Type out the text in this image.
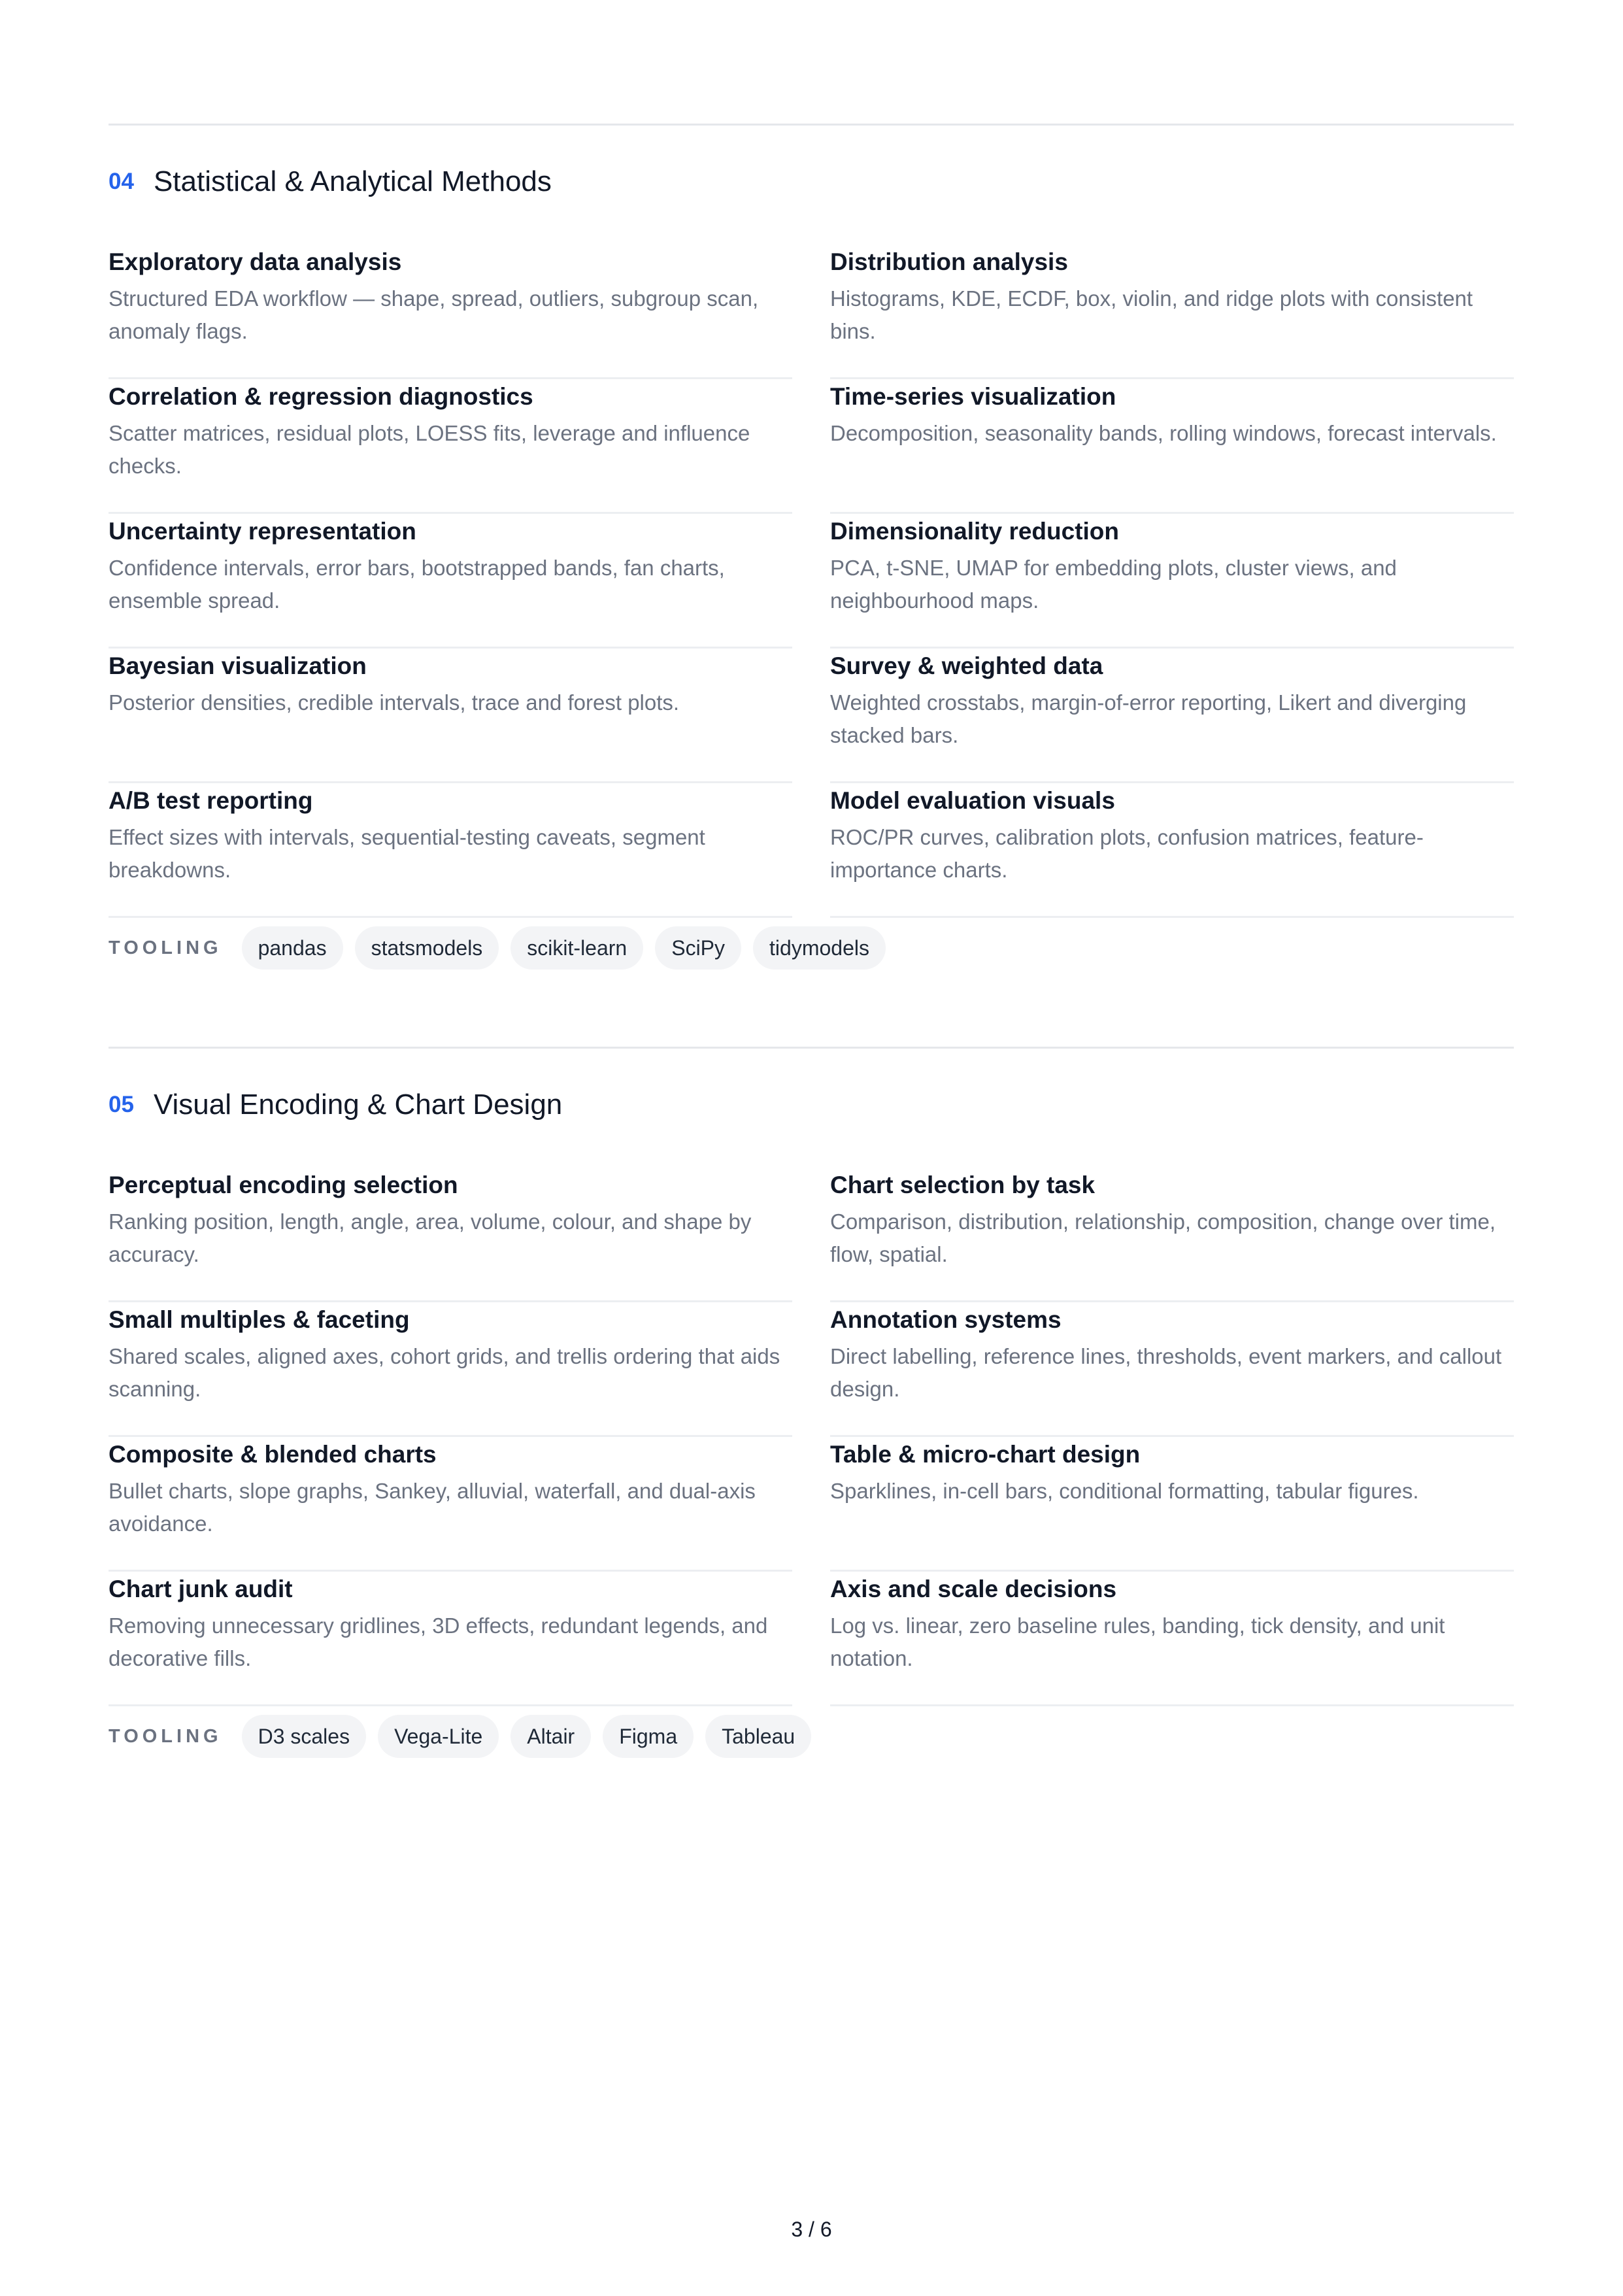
04 Statistical & Analytical Methods
Exploratory data analysis
Structured EDA workflow — shape, spread, outliers, subgroup scan, anomaly flags.
Distribution analysis
Histograms, KDE, ECDF, box, violin, and ridge plots with consistent bins.
Correlation & regression diagnostics
Scatter matrices, residual plots, LOESS fits, leverage and influence checks.
Time-series visualization
Decomposition, seasonality bands, rolling windows, forecast intervals.
Uncertainty representation
Confidence intervals, error bars, bootstrapped bands, fan charts, ensemble spread.
Dimensionality reduction
PCA, t-SNE, UMAP for embedding plots, cluster views, and neighbourhood maps.
Bayesian visualization
Posterior densities, credible intervals, trace and forest plots.
Survey & weighted data
Weighted crosstabs, margin-of-error reporting, Likert and diverging stacked bars.
A/B test reporting
Effect sizes with intervals, sequential-testing caveats, segment breakdowns.
Model evaluation visuals
ROC/PR curves, calibration plots, confusion matrices, feature-importance charts.
TOOLING	pandas	statsmodels	scikit-learn	SciPy	tidymodels
05 Visual Encoding & Chart Design
Perceptual encoding selection
Ranking position, length, angle, area, volume, colour, and shape by accuracy.
Chart selection by task
Comparison, distribution, relationship, composition, change over time, flow, spatial.
Small multiples & faceting
Shared scales, aligned axes, cohort grids, and trellis ordering that aids scanning.
Annotation systems
Direct labelling, reference lines, thresholds, event markers, and callout design.
Composite & blended charts
Bullet charts, slope graphs, Sankey, alluvial, waterfall, and dual-axis avoidance.
Table & micro-chart design
Sparklines, in-cell bars, conditional formatting, tabular figures.
Chart junk audit
Removing unnecessary gridlines, 3D effects, redundant legends, and decorative fills.
Axis and scale decisions
Log vs. linear, zero baseline rules, banding, tick density, and unit notation.
TOOLING	D3 scales	Vega-Lite	Altair	Figma	Tableau
3 / 6
